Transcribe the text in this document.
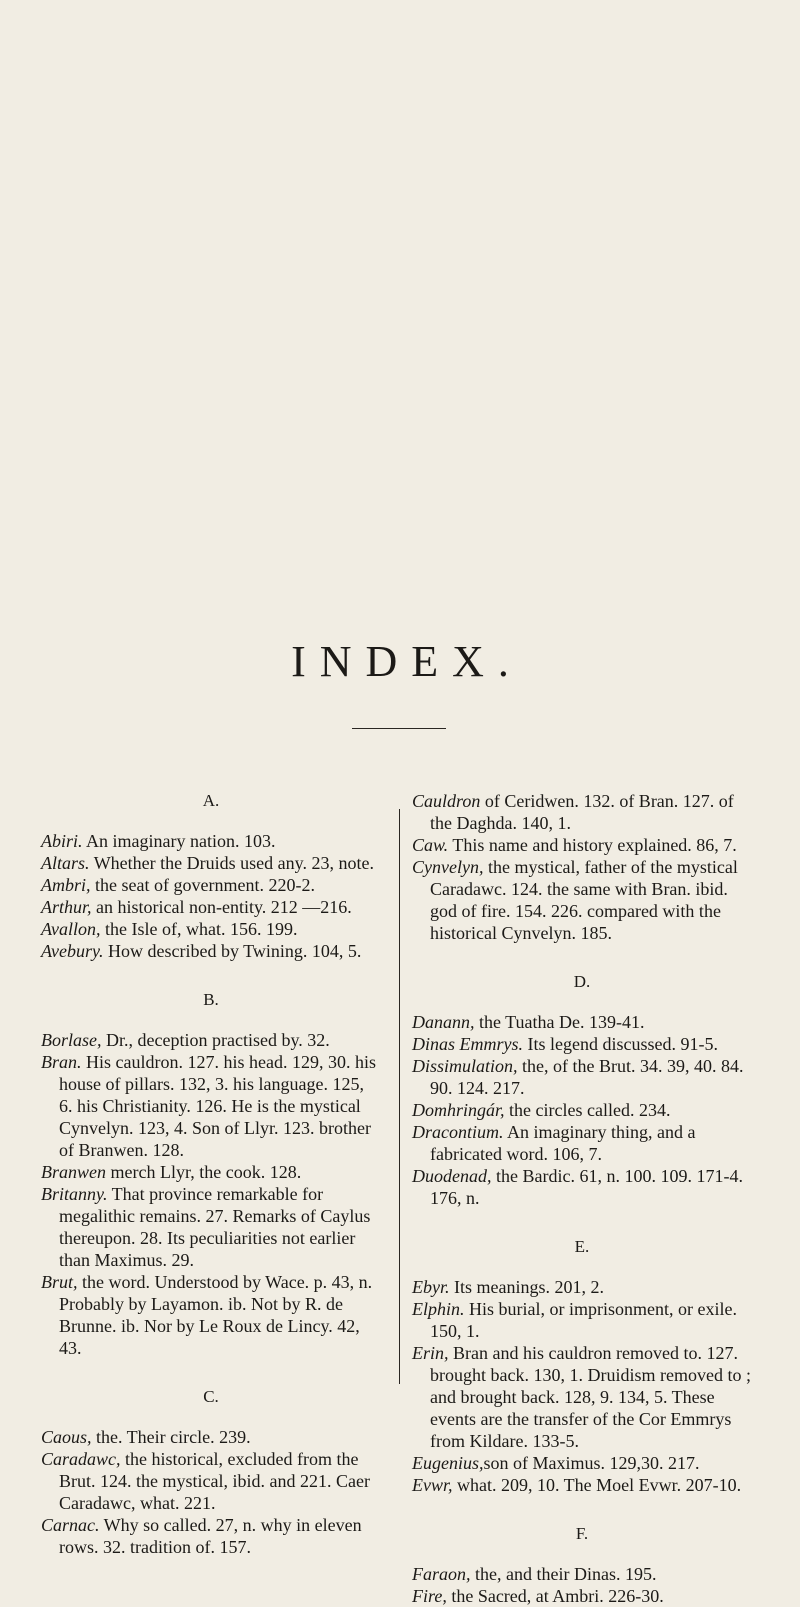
INDEX.

A.

Abiri. An imaginary nation. 103.

Altars. Whether the Druids used any. 23, note.

Ambri, the seat of government. 220-2.

Arthur, an historical non-entity. 212 —216.

Avallon, the Isle of, what. 156. 199.

Avebury. How described by Twining. 104, 5.

B.

Borlase, Dr., deception practised by. 32.

Bran. His cauldron. 127. his head. 129, 30. his house of pillars. 132, 3. his language. 125, 6. his Christianity. 126. He is the mystical Cynvelyn. 123, 4. Son of Llyr. 123. brother of Branwen. 128.

Branwen merch Llyr, the cook. 128.

Britanny. That province remarkable for megalithic remains. 27. Remarks of Caylus thereupon. 28. Its peculiarities not earlier than Maximus. 29.

Brut, the word. Understood by Wace. p. 43, n. Probably by Layamon. ib. Not by R. de Brunne. ib. Nor by Le Roux de Lincy. 42, 43.

C.

Caous, the. Their circle. 239.

Caradawc, the historical, excluded from the Brut. 124. the mystical, ibid. and 221. Caer Caradawc, what. 221.

Carnac. Why so called. 27, n. why in eleven rows. 32. tradition of. 157.

Cauldron of Ceridwen. 132. of Bran. 127. of the Daghda. 140, 1.

Caw. This name and history explained. 86, 7.

Cynvelyn, the mystical, father of the mystical Caradawc. 124. the same with Bran. ibid. god of fire. 154. 226. compared with the historical Cynvelyn. 185.

D.

Danann, the Tuatha De. 139-41.

Dinas Emmrys. Its legend discussed. 91-5.

Dissimulation, the, of the Brut. 34. 39, 40. 84. 90. 124. 217.

Domhringár, the circles called. 234.

Dracontium. An imaginary thing, and a fabricated word. 106, 7.

Duodenad, the Bardic. 61, n. 100. 109. 171-4. 176, n.

E.

Ebyr. Its meanings. 201, 2.

Elphin. His burial, or imprisonment, or exile. 150, 1.

Erin, Bran and his cauldron removed to. 127. brought back. 130, 1. Druidism removed to ; and brought back. 128, 9. 134, 5. These events are the transfer of the Cor Emmrys from Kildare. 133-5.

Eugenius,son of Maximus. 129,30. 217.

Evwr, what. 209, 10. The Moel Evwr. 207-10.

F.

Faraon, the, and their Dinas. 195.

Fire, the Sacred, at Ambri. 226-30.
